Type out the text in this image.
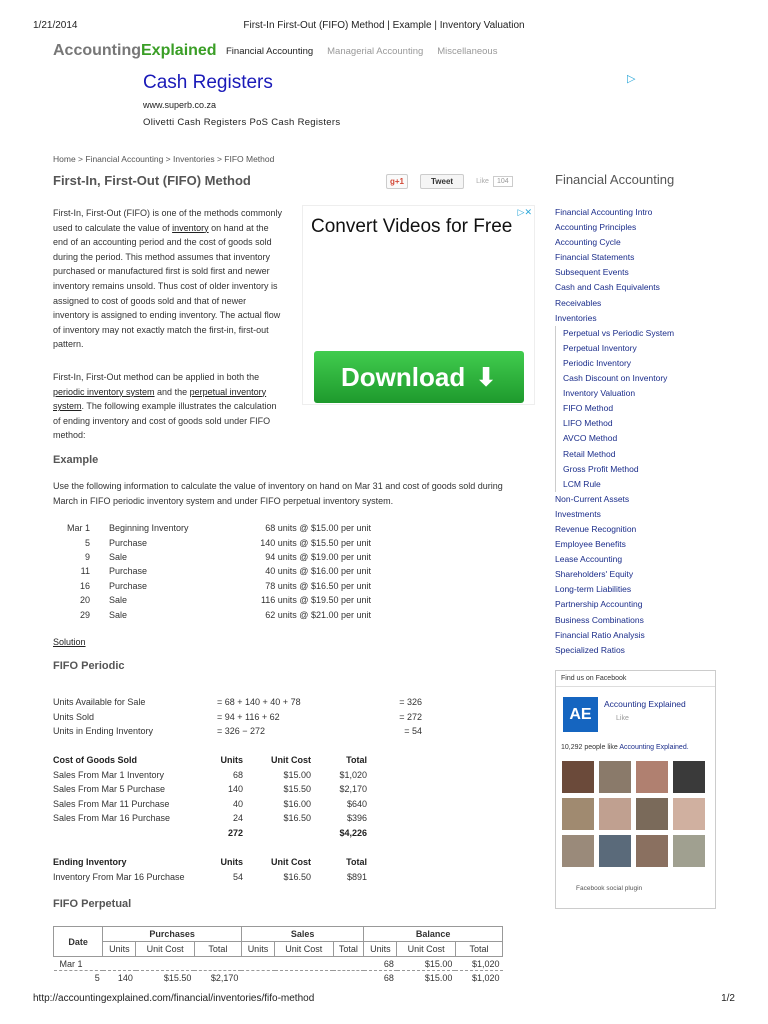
1/21/2014	First-In First-Out (FIFO) Method | Example | Inventory Valuation
AccountingExplained Financial Accounting Managerial Accounting Miscellaneous
Cash Registers
www.superb.co.za
Olivetti Cash Registers PoS Cash Registers
▷
Home > Financial Accounting > Inventories > FIFO Method
First-In, First-Out (FIFO) Method	g+1	Tweet	Like	104

First-In, First-Out (FIFO) is one of the methods commonly used to calculate the value of inventory on hand at the end of an accounting period and the cost of goods sold during the period. This method assumes that inventory purchased or manufactured first is sold first and newer inventory remains unsold. Thus cost of older inventory is assigned to cost of goods sold and that of newer inventory is assigned to ending inventory. The actual flow of inventory may not exactly match the first-in, first-out pattern.

First-In, First-Out method can be applied in both the periodic inventory system and the perpetual inventory system. The following example illustrates the calculation of ending inventory and cost of goods sold under FIFO method:

Convert Videos for Free
▷✕
Download ⬇
Example

Use the following information to calculate the value of inventory on hand on Mar 31 and cost of goods sold during March in FIFO periodic inventory system and under FIFO perpetual inventory system.

Mar 1	Beginning Inventory	68 units @ $15.00 per unit
5	Purchase	140 units @ $15.50 per unit
9	Sale	94 units @ $19.00 per unit
11	Purchase	40 units @ $16.00 per unit
16	Purchase	78 units @ $16.50 per unit
20	Sale	116 units @ $19.50 per unit
29	Sale	62 units @ $21.00 per unit
Solution
FIFO Periodic
Units Available for Sale	= 68 + 140 + 40 + 78	= 326
Units Sold	= 94 + 116 + 62	= 272
Units in Ending Inventory	= 326 − 272	= 54
Cost of Goods Sold	Units	Unit Cost	Total
Sales From Mar 1 Inventory	68	$15.00	$1,020
Sales From Mar 5 Purchase	140	$15.50	$2,170
Sales From Mar 11 Purchase	40	$16.00	$640
Sales From Mar 16 Purchase	24	$16.50	$396
	272		$4,226
Ending Inventory	Units	Unit Cost	Total
Inventory From Mar 16 Purchase	54	$16.50	$891
FIFO Perpetual
Date	Purchases			Sales			Balance		
	Units	Unit Cost	Total	Units	Unit Cost	Total	Units	Unit Cost	Total
Mar 1							68	$15.00	$1,020
5	140	$15.50	$2,170				68	$15.00	$1,020
Financial Accounting
Financial Accounting Intro
Accounting Principles
Accounting Cycle
Financial Statements
Subsequent Events
Cash and Cash Equivalents
Receivables
Inventories
Perpetual vs Periodic System
Perpetual Inventory
Periodic Inventory
Cash Discount on Inventory
Inventory Valuation
FIFO Method
LIFO Method
AVCO Method
Retail Method
Gross Profit Method
LCM Rule
Non-Current Assets
Investments
Revenue Recognition
Employee Benefits
Lease Accounting
Shareholders' Equity
Long-term Liabilities
Partnership Accounting
Business Combinations
Financial Ratio Analysis
Specialized Ratios
Find us on Facebook
AE
Accounting Explained
Like
10,292 people like Accounting Explained.
Facebook social plugin
http://accountingexplained.com/financial/inventories/fifo-method	1/2
